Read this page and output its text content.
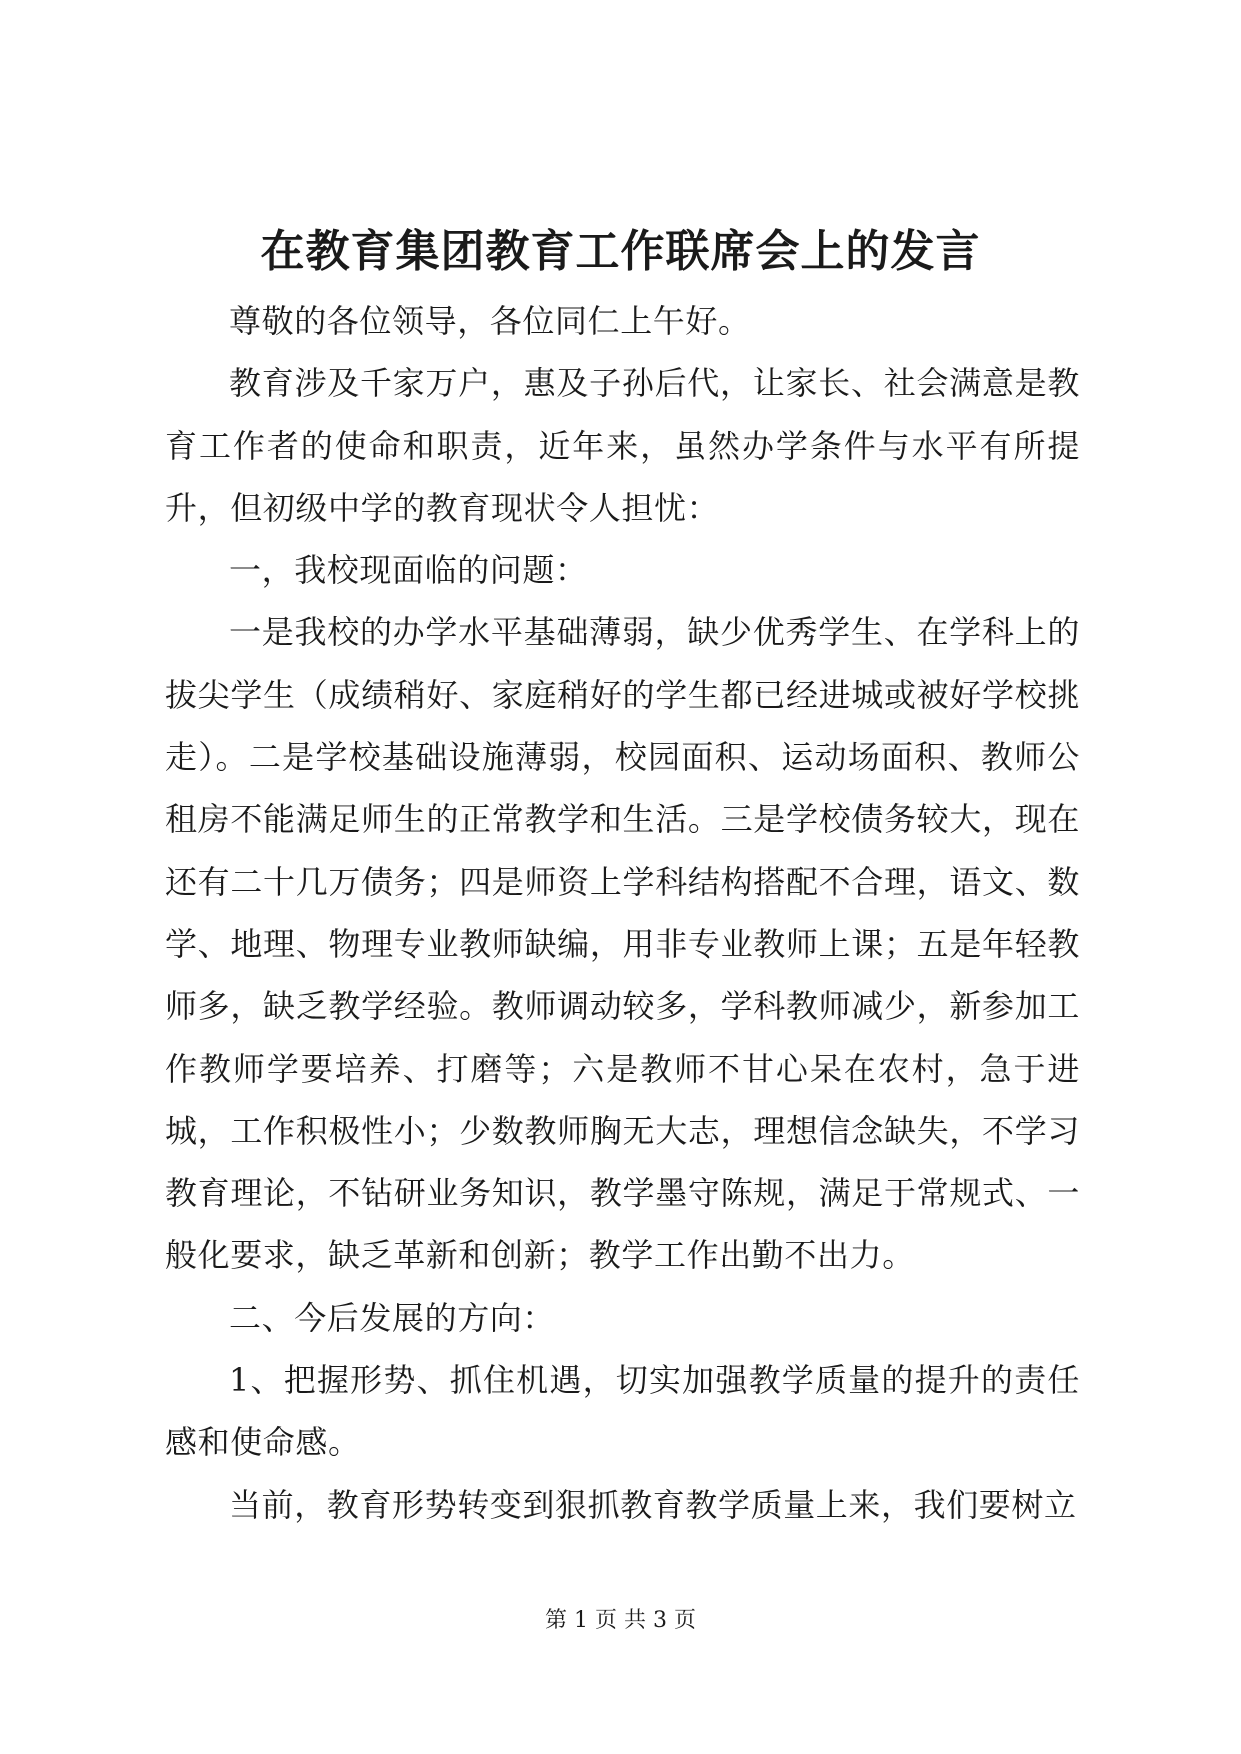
在教育集团教育工作联席会上的发言

尊敬的各位领导，各位同仁上午好。

教育涉及千家万户，惠及子孙后代，让家长、社会满意是教育工作者的使命和职责，近年来，虽然办学条件与水平有所提升，但初级中学的教育现状令人担忧：

一，我校现面临的问题：

一是我校的办学水平基础薄弱，缺少优秀学生、在学科上的拔尖学生（成绩稍好、家庭稍好的学生都已经进城或被好学校挑走）。二是学校基础设施薄弱，校园面积、运动场面积、教师公租房不能满足师生的正常教学和生活。三是学校债务较大，现在还有二十几万债务；四是师资上学科结构搭配不合理，语文、数学、地理、物理专业教师缺编，用非专业教师上课；五是年轻教师多，缺乏教学经验。教师调动较多，学科教师减少，新参加工作教师学要培养、打磨等；六是教师不甘心呆在农村，急于进城，工作积极性小；少数教师胸无大志，理想信念缺失，不学习教育理论，不钻研业务知识，教学墨守陈规，满足于常规式、一般化要求，缺乏革新和创新；教学工作出勤不出力。

二、今后发展的方向：

1、把握形势、抓住机遇，切实加强教学质量的提升的责任感和使命感。

当前，教育形势转变到狠抓教育教学质量上来，我们要树立

第 1 页 共 3 页
